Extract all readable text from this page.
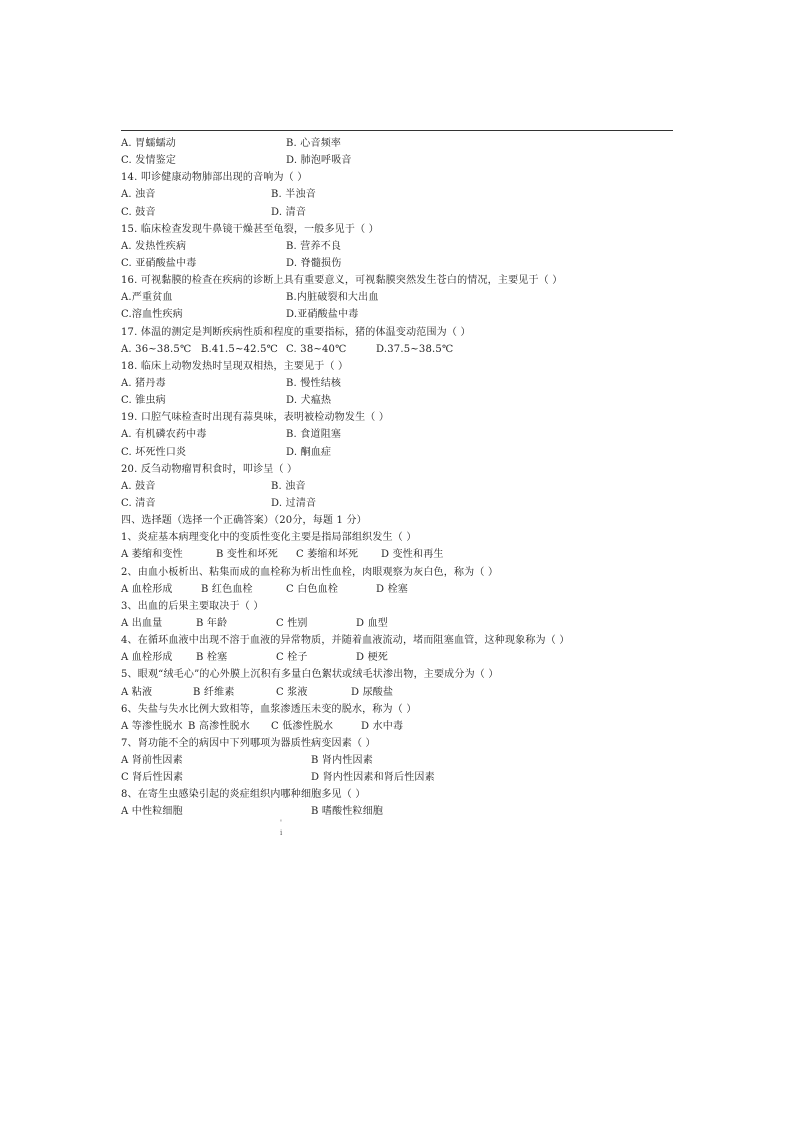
A. 胃蠕蠕动	B. 心音频率
C. 发情鉴定	D. 肺泡呼吸音
14. 叩诊健康动物肺部出现的音响为（ ）
A. 浊音	B. 半浊音
C. 鼓音	D. 清音
15. 临床检查发现牛鼻镜干燥甚至龟裂，一般多见于（ ）
A. 发热性疾病	B. 营养不良
C. 亚硝酸盐中毒	D. 脊髓损伤
16. 可视黏膜的检查在疾病的诊断上具有重要意义，可视黏膜突然发生苍白的情况，主要见于（ ）
A.严重贫血	B.内脏破裂和大出血
C.溶血性疾病	D.亚硝酸盐中毒
17. 体温的测定是判断疾病性质和程度的重要指标，猪的体温变动范围为（ ）
A. 36~38.5℃ B.41.5~42.5℃ C. 38~40℃	D.37.5~38.5℃
18. 临床上动物发热时呈现双相热，主要见于（ ）
A. 猪丹毒	B. 慢性结核
C. 锥虫病	D. 犬瘟热
19. 口腔气味检查时出现有蒜臭味，表明被检动物发生（ ）
A. 有机磷农药中毒	B. 食道阻塞
C. 坏死性口炎	D. 酮血症
20. 反刍动物瘤胃积食时，叩诊呈（ ）
A. 鼓音	B. 浊音
C. 清音	D. 过清音
四、选择题（选择一个正确答案）（20分，每题 1 分）
1、炎症基本病理变化中的变质性变化主要是指局部组织发生（ ）
A 萎缩和变性	B 变性和坏死 C 萎缩和坏死 D 变性和再生
2、由血小板析出、粘集而成的血栓称为析出性血栓，肉眼观察为灰白色，称为（ ）
A 血栓形成	B 红色血栓	C 白色血栓	D 栓塞
3、出血的后果主要取决于（ ）
A 出血量	B 年龄	C 性别	D 血型
4、在循环血液中出现不溶于血液的异常物质，并随着血液流动，堵而阻塞血管，这种现象称为（ ）
A 血栓形成 B 栓塞	C 栓子	D 梗死
5、眼观“绒毛心”的心外膜上沉积有多量白色絮状或绒毛状渗出物，主要成分为（ ）
A 粘液	B 纤维素	C 浆液	D 尿酸盐
6、失盐与失水比例大致相等，血浆渗透压未变的脱水，称为（ ）
A 等渗性脱水 B 高渗性脱水 C 低渗性脱水	D 水中毒
7、肾功能不全的病因中下列哪项为器质性病变因素（ ）
A 肾前性因素	B 肾内性因素
C 肾后性因素	D 肾内性因素和肾后性因素
8、在寄生虫感染引起的炎症组织内哪种细胞多见（ ）
A 中性粒细胞	B 嗜酸性粒细胞
'
ⅰ
